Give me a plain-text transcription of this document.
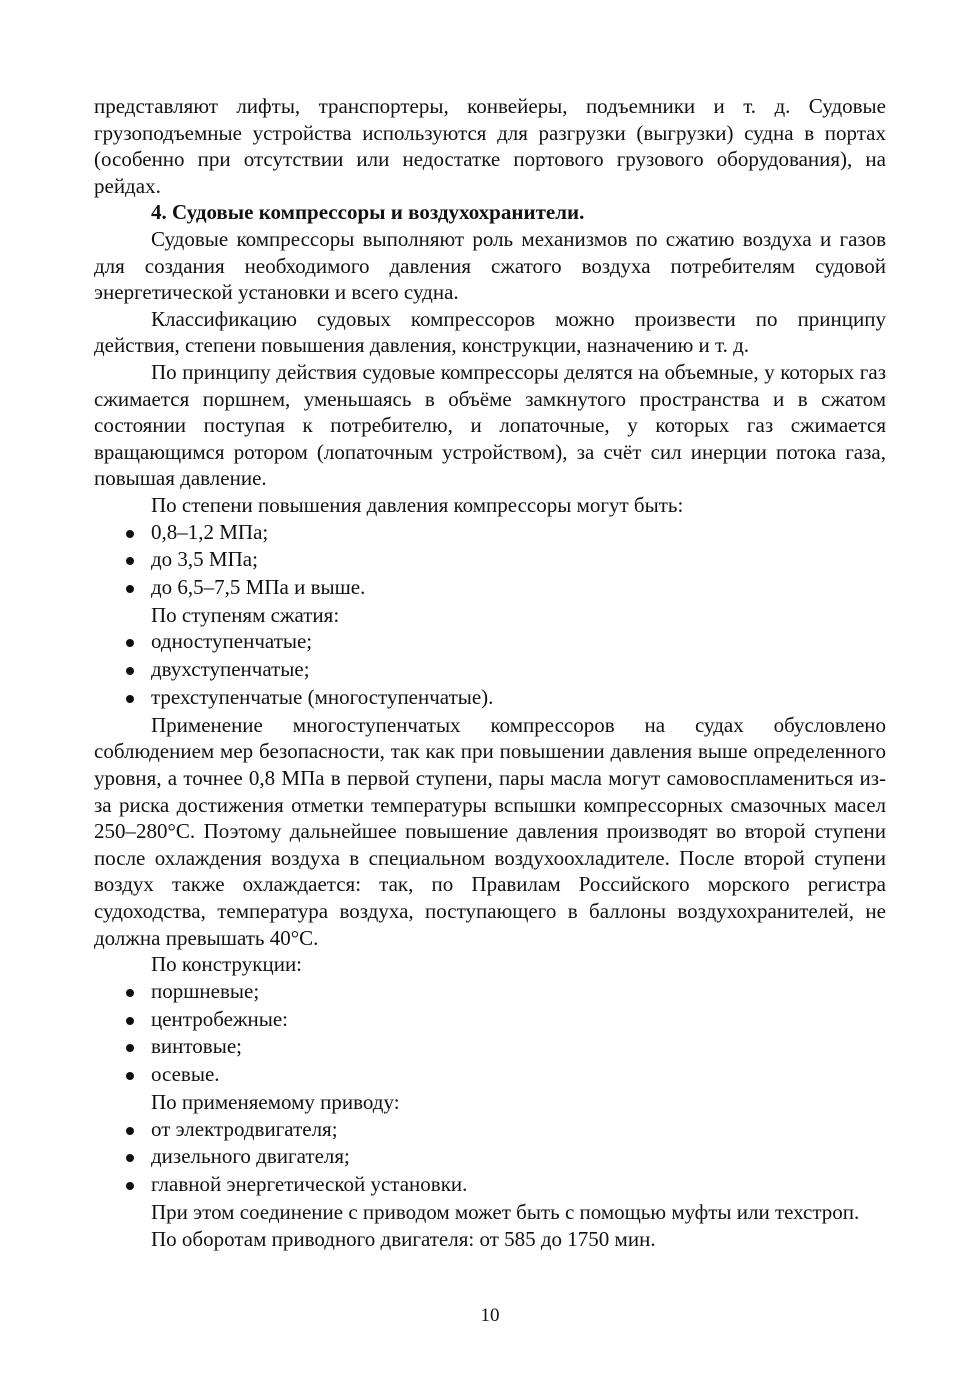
представляют лифты, транспортеры, конвейеры, подъемники и т. д. Судовые грузоподъемные устройства используются для разгрузки (выгрузки) судна в портах (особенно при отсутствии или недостатке портового грузового оборудования), на рейдах.

4. Судовые компрессоры и воздухохранители.

Судовые компрессоры выполняют роль механизмов по сжатию воздуха и газов для создания необходимого давления сжатого воздуха потребителям судовой энергетической установки и всего судна.

Классификацию судовых компрессоров можно произвести по принципу действия, степени повышения давления, конструкции, назначению и т. д.

По принципу действия судовые компрессоры делятся на объемные, у которых газ сжимается поршнем, уменьшаясь в объёме замкнутого пространства и в сжатом состоянии поступая к потребителю, и лопаточные, у которых газ сжимается вращающимся ротором (лопаточным устройством), за счёт сил инерции потока газа, повышая давление.

По степени повышения давления компрессоры могут быть:

0,8–1,2 МПа;
до 3,5 МПа;
до 6,5–7,5 МПа и выше.

По ступеням сжатия:

одноступенчатые;
двухступенчатые;
трехступенчатые (многоступенчатые).

Применение многоступенчатых компрессоров на судах обусловлено соблюдением мер безопасности, так как при повышении давления выше определенного уровня, а точнее 0,8 МПа в первой ступени, пары масла могут самовоспламениться из-за риска достижения отметки температуры вспышки компрессорных смазочных масел 250–280°С. Поэтому дальнейшее повышение давления производят во второй ступени после охлаждения воздуха в специальном воздухоохладителе. После второй ступени воздух также охлаждается: так, по Правилам Российского морского регистра судоходства, температура воздуха, поступающего в баллоны воздухохранителей, не должна превышать 40°С.

По конструкции:

поршневые;
центробежные:
винтовые;
осевые.

По применяемому приводу:

от электродвигателя;
дизельного двигателя;
главной энергетической установки.

При этом соединение с приводом может быть с помощью муфты или техстроп.

По оборотам приводного двигателя: от 585 до 1750 мин.

10
